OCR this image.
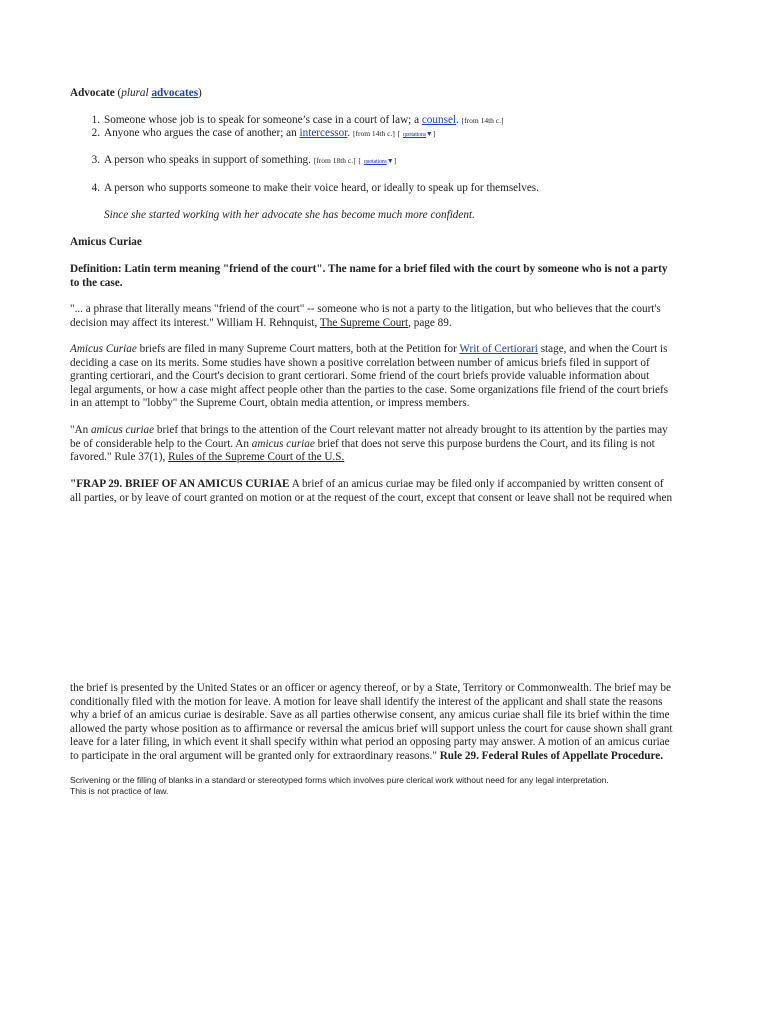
Advocate (plural advocates)
1. Someone whose job is to speak for someone’s case in a court of law; a counsel. [from 14th c.]
2. Anyone who argues the case of another; an intercessor. [from 14th c.] [ quotations▼]
3. A person who speaks in support of something. [from 18th c.] [ quotations▼]
4. A person who supports someone to make their voice heard, or ideally to speak up for themselves.
Since she started working with her advocate she has become much more confident.
Amicus Curiae
Definition: Latin term meaning "friend of the court". The name for a brief filed with the court by someone who is not a party
to the case.
"... a phrase that literally means "friend of the court" -- someone who is not a party to the litigation, but who believes that the court's
decision may affect its interest." William H. Rehnquist, The Supreme Court, page 89.
Amicus Curiae briefs are filed in many Supreme Court matters, both at the Petition for Writ of Certiorari stage, and when the Court is
deciding a case on its merits. Some studies have shown a positive correlation between number of amicus briefs filed in support of
granting certiorari, and the Court's decision to grant certiorari. Some friend of the court briefs provide valuable information about
legal arguments, or how a case might affect people other than the parties to the case. Some organizations file friend of the court briefs
in an attempt to "lobby" the Supreme Court, obtain media attention, or impress members.
"An amicus curiae brief that brings to the attention of the Court relevant matter not already brought to its attention by the parties may
be of considerable help to the Court. An amicus curiae brief that does not serve this purpose burdens the Court, and its filing is not
favored." Rule 37(1), Rules of the Supreme Court of the U.S.
"FRAP 29. BRIEF OF AN AMICUS CURIAE A brief of an amicus curiae may be filed only if accompanied by written consent of
all parties, or by leave of court granted on motion or at the request of the court, except that consent or leave shall not be required when
the brief is presented by the United States or an officer or agency thereof, or by a State, Territory or Commonwealth. The brief may be
conditionally filed with the motion for leave. A motion for leave shall identify the interest of the applicant and shall state the reasons
why a brief of an amicus curiae is desirable. Save as all parties otherwise consent, any amicus curiae shall file its brief within the time
allowed the party whose position as to affirmance or reversal the amicus brief will support unless the court for cause shown shall grant
leave for a later filing, in which event it shall specify within what period an opposing party may answer. A motion of an amicus curiae
to participate in the oral argument will be granted only for extraordinary reasons." Rule 29. Federal Rules of Appellate Procedure.
Scrivening or the filling of blanks in a standard or stereotyped forms which involves pure clerical work without need for any legal interpretation.
This is not practice of law.
